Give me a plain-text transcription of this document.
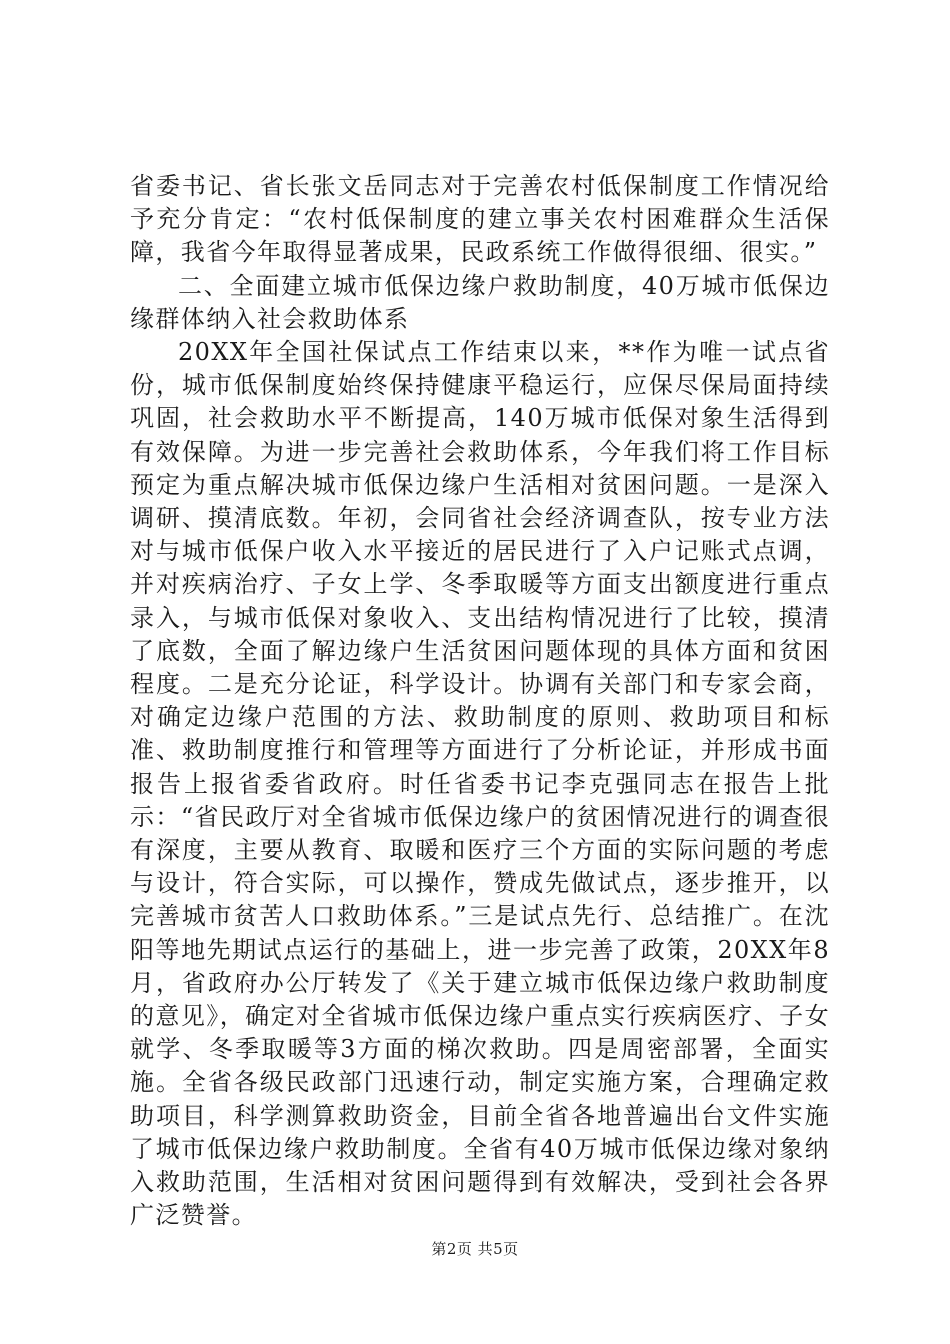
省委书记、省长张文岳同志对于完善农村低保制度工作情况给予充分肯定：“农村低保制度的建立事关农村困难群众生活保障，我省今年取得显著成果，民政系统工作做得很细、很实。”

二、全面建立城市低保边缘户救助制度，40万城市低保边缘群体纳入社会救助体系

20XX年全国社保试点工作结束以来，**作为唯一试点省份，城市低保制度始终保持健康平稳运行，应保尽保局面持续巩固，社会救助水平不断提高，140万城市低保对象生活得到有效保障。为进一步完善社会救助体系，今年我们将工作目标预定为重点解决城市低保边缘户生活相对贫困问题。一是深入调研、摸清底数。年初，会同省社会经济调查队，按专业方法对与城市低保户收入水平接近的居民进行了入户记账式点调，并对疾病治疗、子女上学、冬季取暖等方面支出额度进行重点录入，与城市低保对象收入、支出结构情况进行了比较，摸清了底数，全面了解边缘户生活贫困问题体现的具体方面和贫困程度。二是充分论证，科学设计。协调有关部门和专家会商，对确定边缘户范围的方法、救助制度的原则、救助项目和标准、救助制度推行和管理等方面进行了分析论证，并形成书面报告上报省委省政府。时任省委书记李克强同志在报告上批示：“省民政厅对全省城市低保边缘户的贫困情况进行的调查很有深度，主要从教育、取暖和医疗三个方面的实际问题的考虑与设计，符合实际，可以操作，赞成先做试点，逐步推开，以完善城市贫苦人口救助体系。”三是试点先行、总结推广。在沈阳等地先期试点运行的基础上，进一步完善了政策，20XX年8月，省政府办公厅转发了《关于建立城市低保边缘户救助制度的意见》，确定对全省城市低保边缘户重点实行疾病医疗、子女就学、冬季取暖等3方面的梯次救助。四是周密部署，全面实施。全省各级民政部门迅速行动，制定实施方案，合理确定救助项目，科学测算救助资金，目前全省各地普遍出台文件实施了城市低保边缘户救助制度。全省有40万城市低保边缘对象纳入救助范围，生活相对贫困问题得到有效解决，受到社会各界广泛赞誉。

第2页 共5页
